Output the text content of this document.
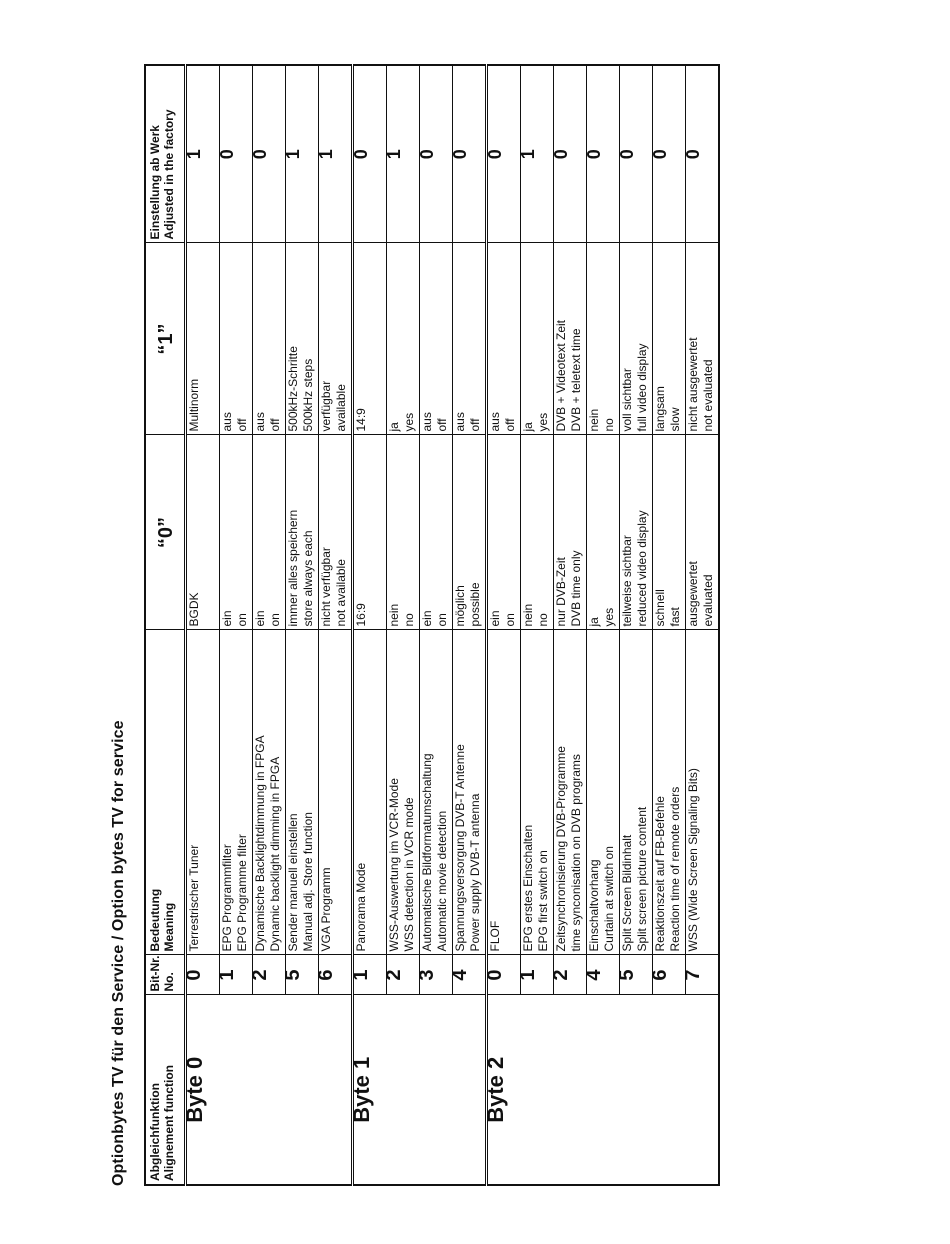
Optionbytes TV für den Service / Option bytes TV for service Abgleichfunktion Alignement function	Bit-Nr. No.	Bedeutung Meaning	“0”	“1”	Einstellung ab Werk Adjusted in the factory

Byte 0	0	Terrestrischer Tuner	BGDK	Multinorm	1
	1	EPG Programmfilter EPG Programme filter	ein on	aus off	0
	2	Dynamische Backlightdimmung in FPGA Dynamic backlight dimming in FPGA	ein on	aus off	0
	5	Sender manuell einstellen Manual adj. Store function	immer alles speichern store always each	500kHz-Schritte 500kHz steps	1
	6	VGA Programm	nicht verfügbar not available	verfügbar available	1
Byte 1	1	Panorama Mode	16:9	14:9	0
	2	WSS-Auswertung im VCR-Mode WSS detection in VCR mode	nein no	ja yes	1
	3	Automatische Bildformatumschaltung Automatic movie detection	ein on	aus off	0
	4	Spannungsversorgung DVB-T Antenne Power supply DVB-T antenna	möglich possible	aus off	0
Byte 2	0	FLOF	ein on	aus off	0
	1	EPG erstes Einschalten EPG first switch on	nein no	ja yes	1
	2	Zeitsynchronisierung DVB-Programme time synconisation on DVB programs	nur DVB-Zeit DVB time only	DVB + Videotext Zeit DVB + teletext time	0
	4	Einschaltvorhang Curtain at switch on	ja yes	nein no	0
	5	Split Screen Bildinhalt Split screen picture content	teilweise sichtbar reduced video display	voll sichtbar full video display	0
	6	Reaktionszeit auf FB-Befehle Reaction time of remote orders	schnell fast	langsam slow	0
	7	WSS (Wide Screen Signaling Bits)	ausgewertet evaluated	nicht ausgewertet not evaluated	0
